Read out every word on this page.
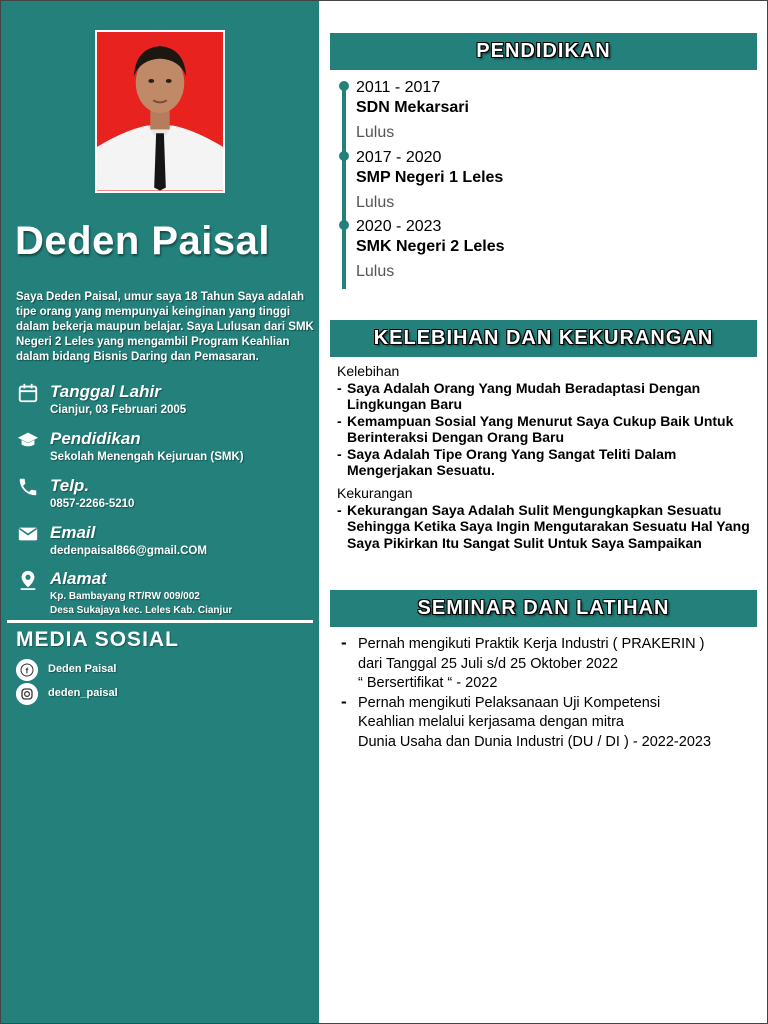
Deden Paisal
Saya Deden Paisal, umur saya 18 Tahun Saya adalah tipe orang yang mempunyai keinginan yang tinggi dalam bekerja maupun belajar. Saya Lulusan dari SMK Negeri 2 Leles yang mengambil Program Keahlian dalam bidang Bisnis Daring dan Pemasaran.
Tanggal Lahir
Cianjur, 03 Februari 2005
Pendidikan
Sekolah Menengah Kejuruan (SMK)
Telp.
0857-2266-5210
Email
dedenpaisal866@gmail.COM
Alamat
Kp. Bambayang RT/RW 009/002
Desa Sukajaya kec. Leles Kab. Cianjur
MEDIA SOSIAL
f Deden Paisal
deden_paisal
PENDIDIKAN
2011 - 2017
SDN Mekarsari
Lulus
2017 - 2020
SMP Negeri 1 Leles
Lulus
2020 - 2023
SMK Negeri 2 Leles
Lulus
KELEBIHAN DAN KEKURANGAN
Kelebihan
- Saya Adalah Orang Yang Mudah Beradaptasi Dengan Lingkungan Baru
- Kemampuan Sosial Yang Menurut Saya Cukup Baik Untuk Berinteraksi Dengan Orang Baru
- Saya Adalah Tipe Orang Yang Sangat Teliti Dalam Mengerjakan Sesuatu.
Kekurangan
- Kekurangan Saya Adalah Sulit Mengungkapkan Sesuatu Sehingga Ketika Saya Ingin Mengutarakan Sesuatu Hal Yang Saya Pikirkan Itu Sangat Sulit Untuk Saya Sampaikan
SEMINAR DAN LATIHAN
- Pernah mengikuti Praktik Kerja Industri ( PRAKERIN )
dari Tanggal 25 Juli s/d 25 Oktober 2022
“ Bersertifikat “ - 2022
- Pernah mengikuti Pelaksanaan Uji Kompetensi
Keahlian melalui kerjasama dengan mitra
Dunia Usaha dan Dunia Industri (DU / DI ) - 2022-2023
